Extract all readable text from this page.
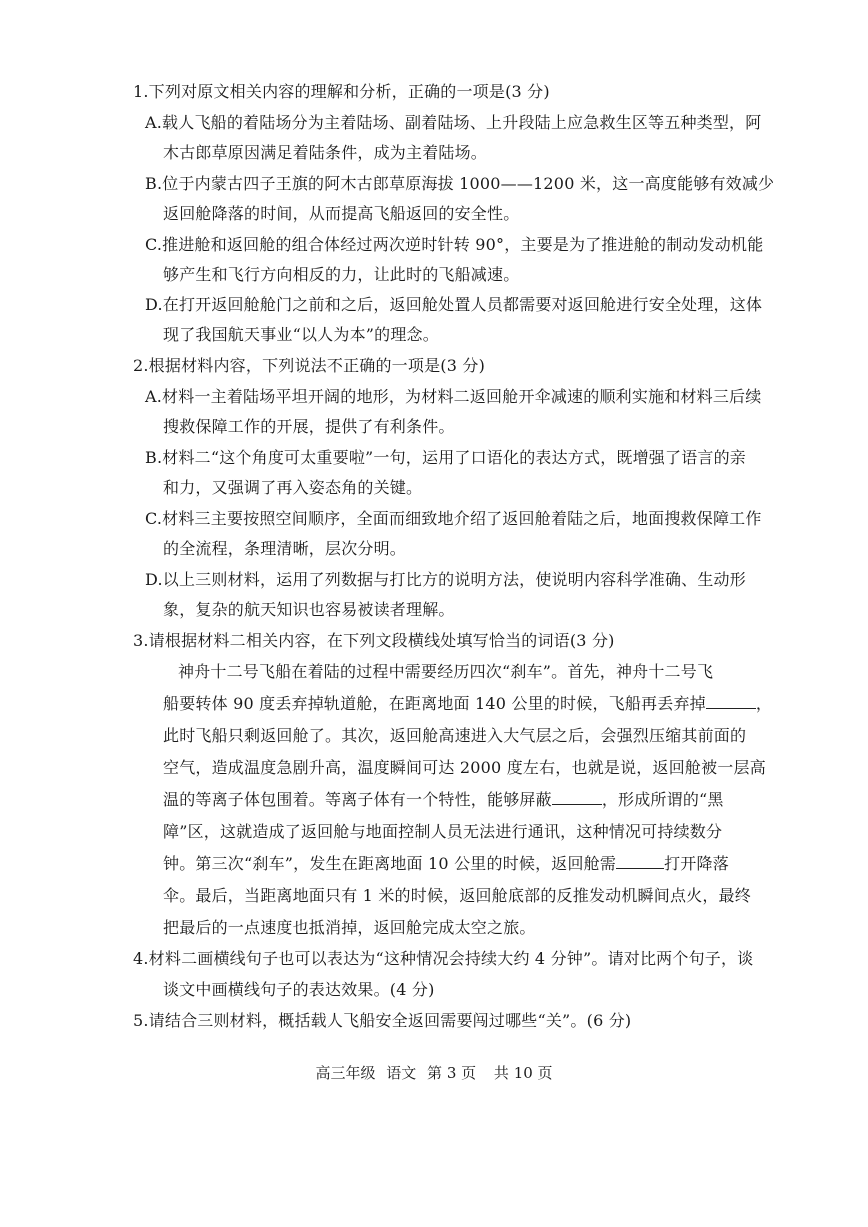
1.下列对原文相关内容的理解和分析，正确的一项是(3 分)
A.载人飞船的着陆场分为主着陆场、副着陆场、上升段陆上应急救生区等五种类型，阿
木古郎草原因满足着陆条件，成为主着陆场。
B.位于内蒙古四子王旗的阿木古郎草原海拔 1000——1200 米，这一高度能够有效减少
返回舱降落的时间，从而提高飞船返回的安全性。
C.推进舱和返回舱的组合体经过两次逆时针转 90°，主要是为了推进舱的制动发动机能
够产生和飞行方向相反的力，让此时的飞船减速。
D.在打开返回舱舱门之前和之后，返回舱处置人员都需要对返回舱进行安全处理，这体
现了我国航天事业“以人为本”的理念。
2.根据材料内容，下列说法不正确的一项是(3 分)
A.材料一主着陆场平坦开阔的地形，为材料二返回舱开伞减速的顺利实施和材料三后续
搜救保障工作的开展，提供了有利条件。
B.材料二“这个角度可太重要啦”一句，运用了口语化的表达方式，既增强了语言的亲
和力，又强调了再入姿态角的关键。
C.材料三主要按照空间顺序，全面而细致地介绍了返回舱着陆之后，地面搜救保障工作
的全流程，条理清晰，层次分明。
D.以上三则材料，运用了列数据与打比方的说明方法，使说明内容科学准确、生动形
象，复杂的航天知识也容易被读者理解。
3.请根据材料二相关内容，在下列文段横线处填写恰当的词语(3 分)
神舟十二号飞船在着陆的过程中需要经历四次“刹车”。首先，神舟十二号飞
船要转体 90 度丢弃掉轨道舱，在距离地面 140 公里的时候，飞船再丢弃掉	，
此时飞船只剩返回舱了。其次，返回舱高速进入大气层之后，会强烈压缩其前面的
空气，造成温度急剧升高，温度瞬间可达 2000 度左右，也就是说，返回舱被一层高
温的等离子体包围着。等离子体有一个特性，能够屏蔽	，形成所谓的“黑
障”区，这就造成了返回舱与地面控制人员无法进行通讯，这种情况可持续数分
钟。第三次“刹车”，发生在距离地面 10 公里的时候，返回舱需	打开降落
伞。最后，当距离地面只有 1 米的时候，返回舱底部的反推发动机瞬间点火，最终
把最后的一点速度也抵消掉，返回舱完成太空之旅。
4.材料二画横线句子也可以表达为“这种情况会持续大约 4 分钟”。请对比两个句子，谈
谈文中画横线句子的表达效果。(4 分)
5.请结合三则材料，概括载人飞船安全返回需要闯过哪些“关”。(6 分)
高三年级 语文 第 3 页 共 10 页
